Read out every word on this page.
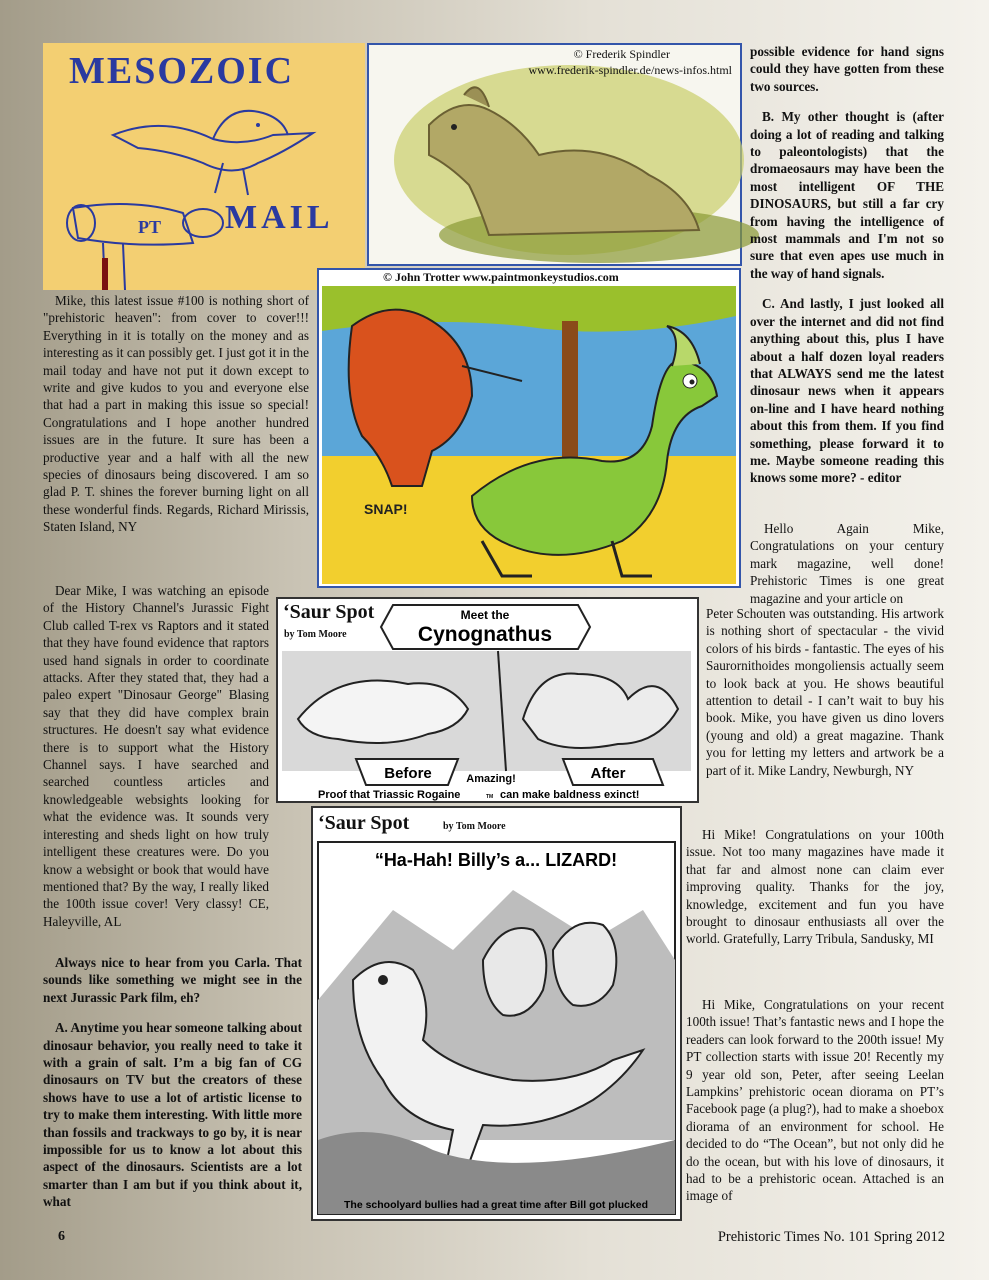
MESOZOIC
PT MAIL
© Frederik Spindler
www.frederik-spindler.de/news-infos.html
© John Trotter www.paintmonkeystudios.com
SNAP!

possible evidence for hand signs could they have gotten from these two sources.

B. My other thought is (after doing a lot of reading and talking to paleontologists) that the dromaeosaurs may have been the most intelligent OF THE DINOSAURS, but still a far cry from having the intelligence of most mammals and I'm not so sure that even apes use much in the way of hand signals.

C. And lastly, I just looked all over the internet and did not find anything about this, plus I have about a half dozen loyal readers that ALWAYS send me the latest dinosaur news when it appears on-line and I have heard nothing about this from them. If you find something, please forward it to me. Maybe someone reading this knows some more? - editor

Mike, this latest issue #100 is nothing short of "prehistoric heaven": from cover to cover!!! Everything in it is totally on the money and as interesting as it can possibly get. I just got it in the mail today and have not put it down except to write and give kudos to you and everyone else that had a part in making this issue so special! Congratulations and I hope another hundred issues are in the future. It sure has been a productive year and a half with all the new species of dinosaurs being discovered. I am so glad P. T. shines the forever burning light on all these wonderful finds. Regards, Richard Mirissis, Staten Island, NY

Dear Mike, I was watching an episode of the History Channel's Jurassic Fight Club called T-rex vs Raptors and it stated that they have found evidence that raptors used hand signals in order to coordinate attacks. After they stated that, they had a paleo expert "Dinosaur George" Blasing say that they did have complex brain structures. He doesn't say what evidence there is to support what the History Channel says. I have searched and searched countless articles and knowledgeable websights looking for what the evidence was. It sounds very interesting and sheds light on how truly intelligent these creatures were. Do you know a websight or book that would have mentioned that? By the way, I really liked the 100th issue cover! Very classy! CE, Haleyville, AL

‘Saur Spot
by Tom Moore
Meet the
Cynognathus
Before	After
Amazing!
Proof that Triassic Rogaine	TM can make baldness exinct!

Hello Again Mike, Congratulations on your century mark magazine, well done! Prehistoric Times is one great magazine and your article on

Peter Schouten was outstanding. His artwork is nothing short of spectacular - the vivid colors of his birds - fantastic. The eyes of his Saurornithoides mongoliensis actually seem to look back at you. He shows beautiful attention to detail - I can’t wait to buy his book. Mike, you have given us dino lovers (young and old) a great magazine. Thank you for letting my letters and artwork be a part of it. Mike Landry, Newburgh, NY

Always nice to hear from you Carla. That sounds like something we might see in the next Jurassic Park film, eh?

A. Anytime you hear someone talking about dinosaur behavior, you really need to take it with a grain of salt. I’m a big fan of CG dinosaurs on TV but the creators of these shows have to use a lot of artistic license to try to make them interesting. With little more than fossils and trackways to go by, it is near impossible for us to know a lot about this aspect of the dinosaurs. Scientists are a lot smarter than I am but if you think about it, what

‘Saur Spot	by Tom Moore
“Ha-Hah! Billy’s a... LIZARD!
The schoolyard bullies had a great time after Bill got plucked

Hi Mike! Congratulations on your 100th issue. Not too many magazines have made it that far and almost none can claim ever improving quality. Thanks for the joy, knowledge, excitement and fun you have brought to dinosaur enthusiasts all over the world. Gratefully, Larry Tribula, Sandusky, MI

Hi Mike, Congratulations on your recent 100th issue! That’s fantastic news and I hope the readers can look forward to the 200th issue! My PT collection starts with issue 20! Recently my 9 year old son, Peter, after seeing Leelan Lampkins’ prehistoric ocean diorama on PT’s Facebook page (a plug?), had to make a shoebox diorama of an environment for school. He decided to do “The Ocean”, but not only did he do the ocean, but with his love of dinosaurs, it had to be a prehistoric ocean. Attached is an image of

6	Prehistoric Times No. 101 Spring 2012
